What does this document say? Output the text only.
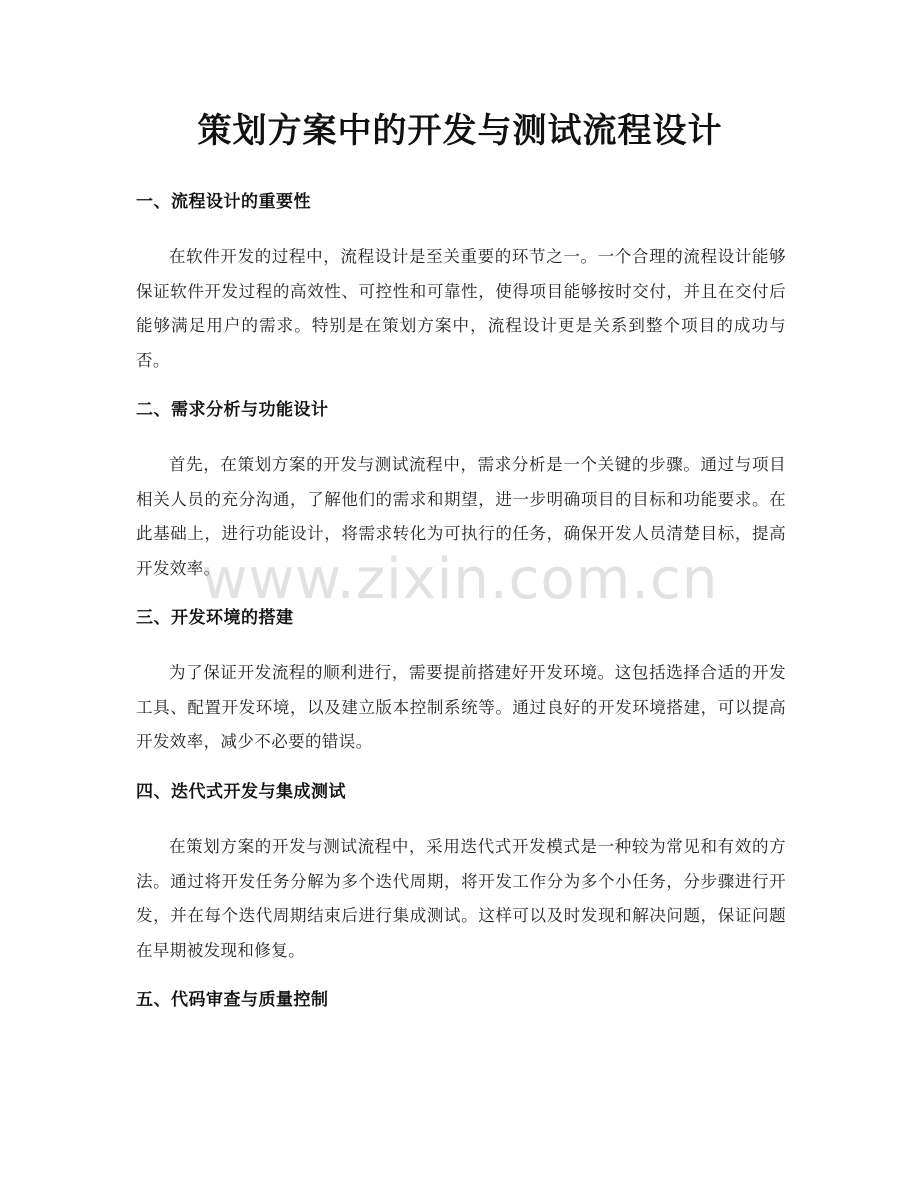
策划方案中的开发与测试流程设计
一、流程设计的重要性

在软件开发的过程中，流程设计是至关重要的环节之一。一个合理的流程设计能够保证软件开发过程的高效性、可控性和可靠性，使得项目能够按时交付，并且在交付后能够满足用户的需求。特别是在策划方案中，流程设计更是关系到整个项目的成功与否。

二、需求分析与功能设计

首先，在策划方案的开发与测试流程中，需求分析是一个关键的步骤。通过与项目相关人员的充分沟通，了解他们的需求和期望，进一步明确项目的目标和功能要求。在此基础上，进行功能设计，将需求转化为可执行的任务，确保开发人员清楚目标，提高开发效率。

三、开发环境的搭建

为了保证开发流程的顺利进行，需要提前搭建好开发环境。这包括选择合适的开发工具、配置开发环境，以及建立版本控制系统等。通过良好的开发环境搭建，可以提高开发效率，减少不必要的错误。

四、迭代式开发与集成测试

在策划方案的开发与测试流程中，采用迭代式开发模式是一种较为常见和有效的方法。通过将开发任务分解为多个迭代周期，将开发工作分为多个小任务，分步骤进行开发，并在每个迭代周期结束后进行集成测试。这样可以及时发现和解决问题，保证问题在早期被发现和修复。

五、代码审查与质量控制
www.zixin.com.cn
